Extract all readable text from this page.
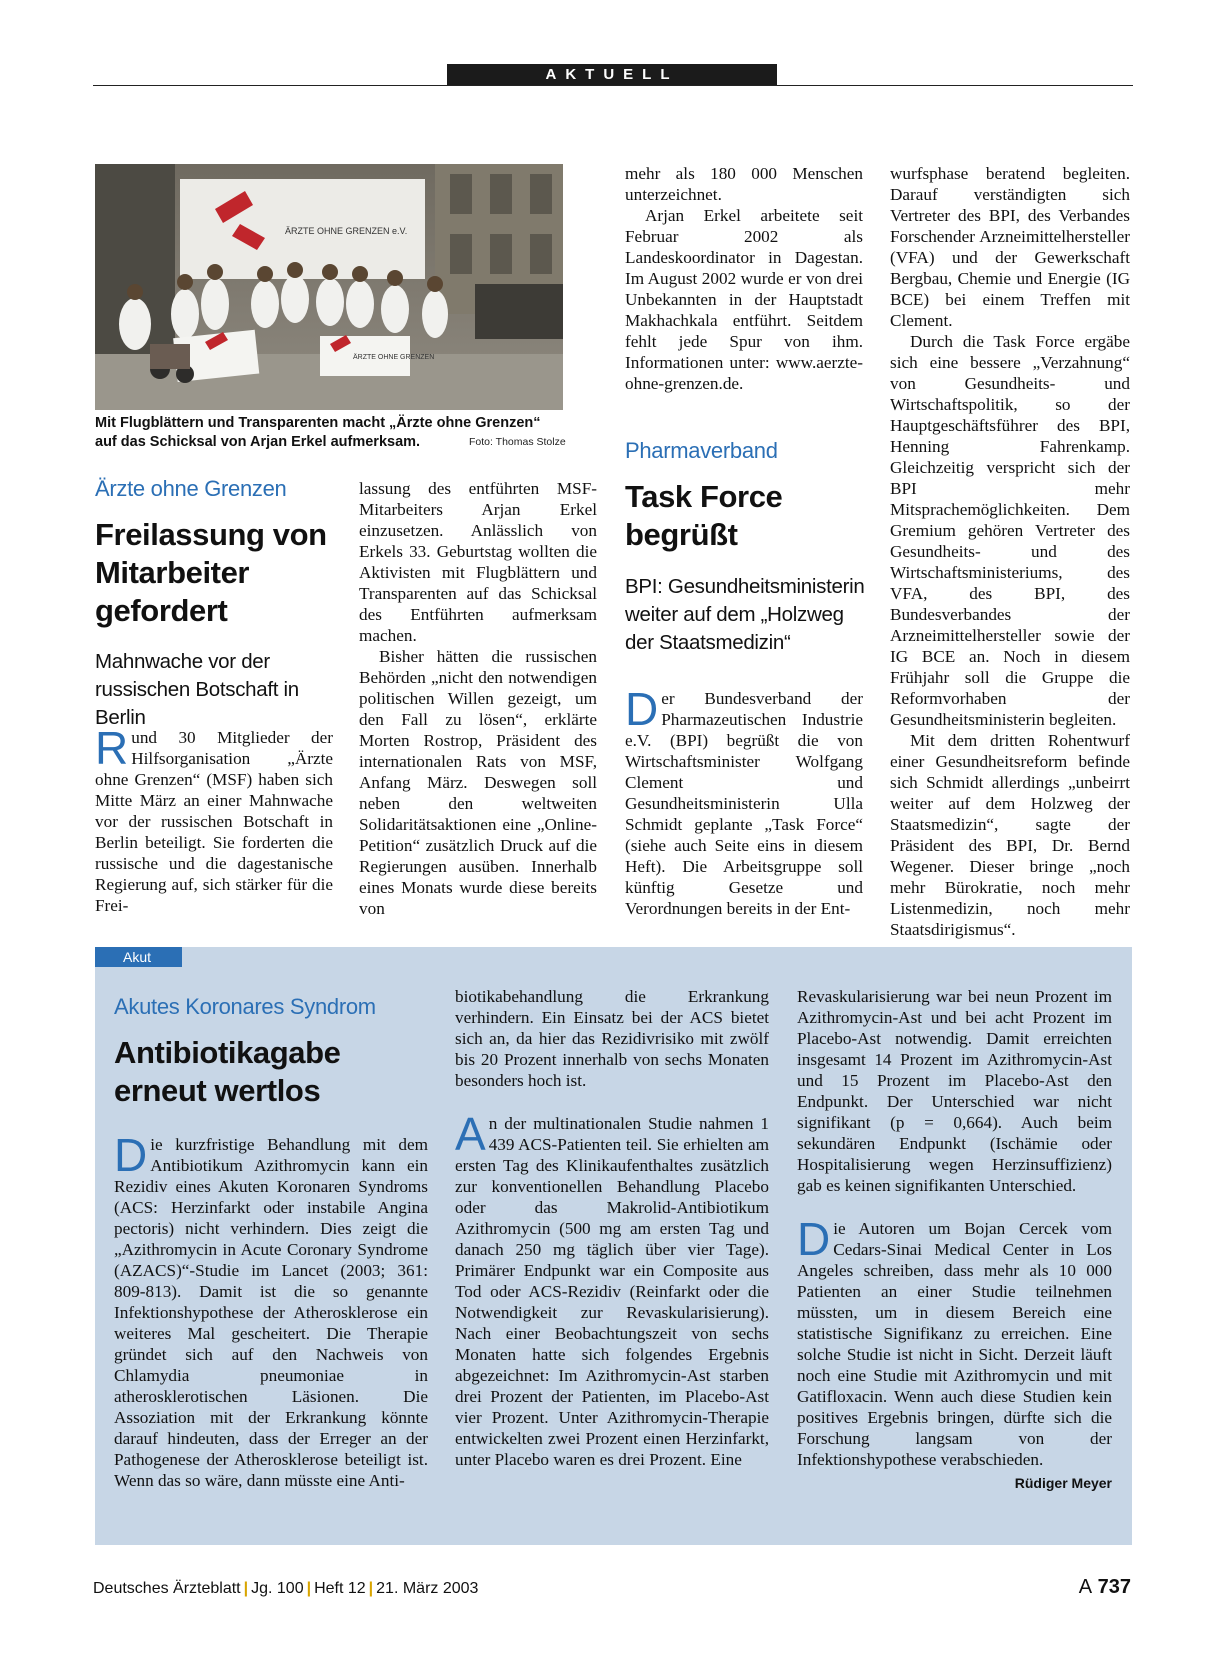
AKTUELL
ÄRZTE OHNE GRENZEN e.V.
ÄRZTE OHNE GRENZEN
Mit Flugblättern und Transparenten macht „Ärzte ohne Grenzen“ auf das Schicksal von Arjan Erkel aufmerksam.	Foto: Thomas Stolze
Ärzte ohne Grenzen
Freilassung von Mitarbeiter gefordert
Mahnwache vor der russischen Botschaft in Berlin

Rund 30 Mitglieder der Hilfsorganisation „Ärzte ohne Grenzen“ (MSF) haben sich Mitte März an einer Mahnwache vor der russischen Botschaft in Berlin beteiligt. Sie forderten die russische und die dagestanische Regierung auf, sich stärker für die Frei-

lassung des entführten MSF-Mitarbeiters Arjan Erkel einzusetzen. Anlässlich von Erkels 33. Geburtstag wollten die Aktivisten mit Flugblättern und Transparenten auf das Schicksal des Entführten aufmerksam machen.

Bisher hätten die russischen Behörden „nicht den notwendigen politischen Willen gezeigt, um den Fall zu lösen“, erklärte Morten Rostrop, Präsident des internationalen Rats von MSF, Anfang März. Deswegen soll neben den weltweiten Solidaritätsaktionen eine „Online-Petition“ zusätzlich Druck auf die Regierungen ausüben. Innerhalb eines Monats wurde diese bereits von

mehr als 180 000 Menschen unterzeichnet.

Arjan Erkel arbeitete seit Februar 2002 als Landeskoordinator in Dagestan. Im August 2002 wurde er von drei Unbekannten in der Hauptstadt Makhachkala entführt. Seitdem fehlt jede Spur von ihm. Informationen unter: www.aerzte-ohne-grenzen.de.

Pharmaverband
Task Force begrüßt
BPI: Gesundheitsministerin weiter auf dem „Holzweg der Staatsmedizin“

Der Bundesverband der Pharmazeutischen Industrie e.V. (BPI) begrüßt die von Wirtschaftsminister Wolfgang Clement und Gesundheitsministerin Ulla Schmidt geplante „Task Force“ (siehe auch Seite eins in diesem Heft). Die Arbeitsgruppe soll künftig Gesetze und Verordnungen bereits in der Ent-

wurfsphase beratend begleiten. Darauf verständigten sich Vertreter des BPI, des Verbandes Forschender Arzneimittelhersteller (VFA) und der Gewerkschaft Bergbau, Chemie und Energie (IG BCE) bei einem Treffen mit Clement.

Durch die Task Force ergäbe sich eine bessere „Verzahnung“ von Gesundheits- und Wirtschaftspolitik, so der Hauptgeschäftsführer des BPI, Henning Fahrenkamp. Gleichzeitig verspricht sich der BPI mehr Mitsprachemöglichkeiten. Dem Gremium gehören Vertreter des Gesundheits- und des Wirtschaftsministeriums, des VFA, des BPI, des Bundesverbandes der Arzneimittelhersteller sowie der IG BCE an. Noch in diesem Frühjahr soll die Gruppe die Reformvorhaben der Gesundheitsministerin begleiten.

Mit dem dritten Rohentwurf einer Gesundheitsreform befinde sich Schmidt allerdings „unbeirrt weiter auf dem Holzweg der Staatsmedizin“, sagte der Präsident des BPI, Dr. Bernd Wegener. Dieser bringe „noch mehr Bürokratie, noch mehr Listenmedizin, noch mehr Staatsdirigismus“.

Akut
Akutes Koronares Syndrom
Antibiotikagabe erneut wertlos

Die kurzfristige Behandlung mit dem Antibiotikum Azithromycin kann ein Rezidiv eines Akuten Koronaren Syndroms (ACS: Herzinfarkt oder instabile Angina pectoris) nicht verhindern. Dies zeigt die „Azithromycin in Acute Coronary Syndrome (AZACS)“-Studie im Lancet (2003; 361: 809-813). Damit ist die so genannte Infektionshypothese der Atherosklerose ein weiteres Mal gescheitert. Die Therapie gründet sich auf den Nachweis von Chlamydia pneumoniae in atherosklerotischen Läsionen. Die Assoziation mit der Erkrankung könnte darauf hindeuten, dass der Erreger an der Pathogenese der Atherosklerose beteiligt ist. Wenn das so wäre, dann müsste eine Anti-

biotikabehandlung die Erkrankung verhindern. Ein Einsatz bei der ACS bietet sich an, da hier das Rezidivrisiko mit zwölf bis 20 Prozent innerhalb von sechs Monaten besonders hoch ist.

An der multinationalen Studie nahmen 1 439 ACS-Patienten teil. Sie erhielten am ersten Tag des Klinikaufenthaltes zusätzlich zur konventionellen Behandlung Placebo oder das Makrolid-Antibiotikum Azithromycin (500 mg am ersten Tag und danach 250 mg täglich über vier Tage). Primärer Endpunkt war ein Composite aus Tod oder ACS-Rezidiv (Reinfarkt oder die Notwendigkeit zur Revaskularisierung). Nach einer Beobachtungszeit von sechs Monaten hatte sich folgendes Ergebnis abgezeichnet: Im Azithromycin-Ast starben drei Prozent der Patienten, im Placebo-Ast vier Prozent. Unter Azithromycin-Therapie entwickelten zwei Prozent einen Herzinfarkt, unter Placebo waren es drei Prozent. Eine

Revaskularisierung war bei neun Prozent im Azithromycin-Ast und bei acht Prozent im Placebo-Ast notwendig. Damit erreichten insgesamt 14 Prozent im Azithromycin-Ast und 15 Prozent im Placebo-Ast den Endpunkt. Der Unterschied war nicht signifikant (p = 0,664). Auch beim sekundären Endpunkt (Ischämie oder Hospitalisierung wegen Herzinsuffizienz) gab es keinen signifikanten Unterschied.

Die Autoren um Bojan Cercek vom Cedars-Sinai Medical Center in Los Angeles schreiben, dass mehr als 10 000 Patienten an einer Studie teilnehmen müssten, um in diesem Bereich eine statistische Signifikanz zu erreichen. Eine solche Studie ist nicht in Sicht. Derzeit läuft noch eine Studie mit Azithromycin und mit Gatifloxacin. Wenn auch diese Studien kein positives Ergebnis bringen, dürfte sich die Forschung langsam von der Infektionshypothese verabschieden.
Rüdiger Meyer

Deutsches Ärzteblatt | Jg. 100 | Heft 12 | 21. März 2003	A 737
